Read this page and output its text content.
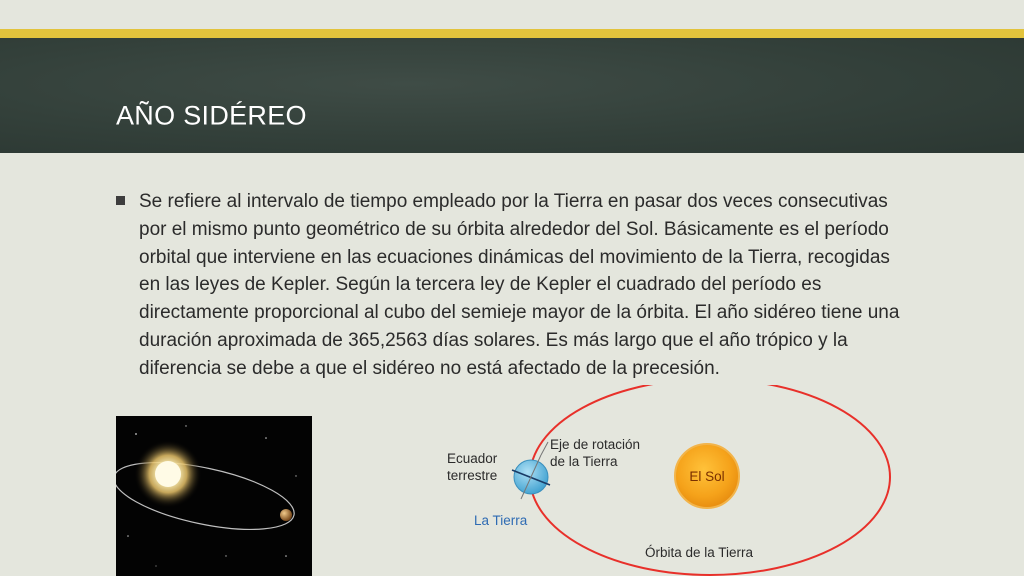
AÑO SIDÉREO
Se refiere al intervalo de tiempo empleado por la Tierra en pasar dos veces consecutivas por el mismo punto geométrico de su órbita alrededor del Sol. Básicamente es el período orbital que interviene en las ecuaciones dinámicas del movimiento de la Tierra, recogidas en las leyes de Kepler. Según la tercera ley de Kepler el cuadrado del período es directamente proporcional al cubo del semieje mayor de la órbita. El año sidéreo tiene una duración aproximada de 365,2563 días solares. Es más largo que el año trópico y la diferencia se debe a que el sidéreo no está afectado de la precesión.
Ecuador
terrestre
Eje de rotación
de la Tierra
La Tierra
El Sol
Órbita de la Tierra
